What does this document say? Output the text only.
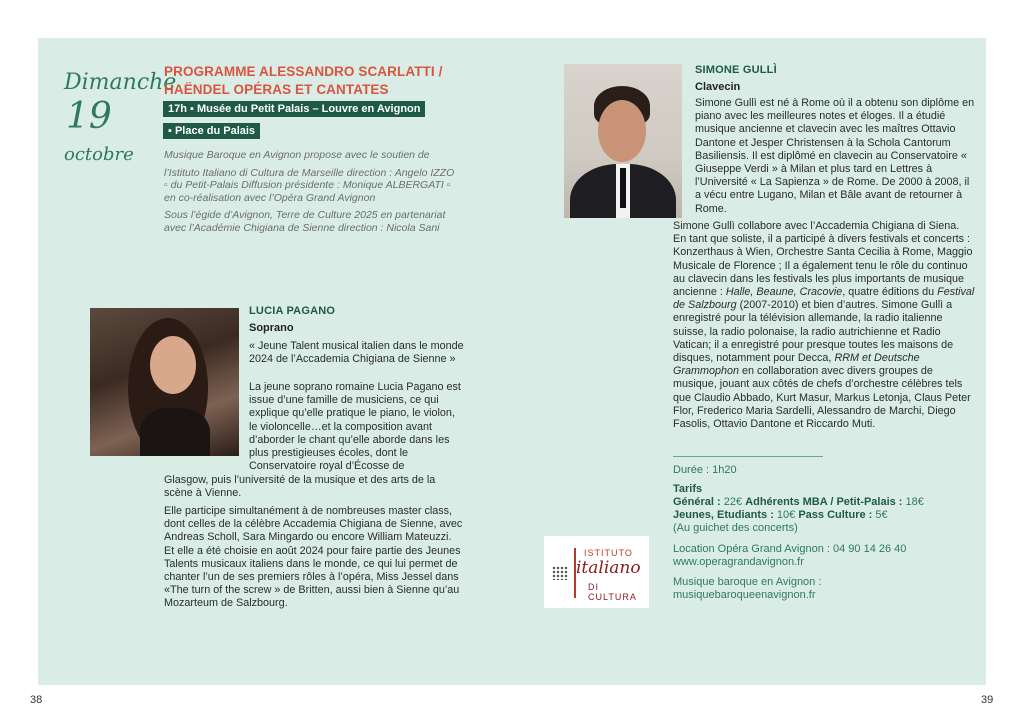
Dimanche
19
octobre
PROGRAMME ALESSANDRO SCARLATTI /
HAËNDEL OPÉRAS ET CANTATES
17h ▪ Musée du Petit Palais – Louvre en Avignon
▪ Place du Palais

Musique Baroque en Avignon propose avec le soutien de

l’Istituto Italiano di Cultura de Marseille direction : Angelo IZZO ▫ du Petit-Palais Diffusion présidente : Monique ALBERGATI ▫ en co-réalisation avec l’Opéra Grand Avignon

Sous l’égide d’Avignon, Terre de Culture 2025 en partenariat avec l’Académie Chigiana de Sienne direction : Nicola Sani

LUCIA PAGANO
Soprano
« Jeune Talent musical italien dans le monde 2024 de l’Accademia Chigiana de Sienne »
La jeune soprano romaine Lucia Pagano est issue d’une famille de musiciens, ce qui explique qu’elle pratique le piano, le violon, le violoncelle…et la composition avant d’aborder le chant qu’elle aborde dans les plus prestigieuses écoles, dont le Conservatoire royal d’Écosse de
Glasgow, puis l’université de la musique et des arts de la scène à Vienne.
Elle participe simultanément à de nombreuses master class, dont celles de la célèbre Accademia Chigiana de Sienne, avec Andreas Scholl, Sara Mingardo ou encore William Mateuzzi. Et elle a été choisie en août 2024 pour faire partie des Jeunes Talents musicaux italiens dans le monde, ce qui lui permet de chanter l’un de ses premiers rôles à l’opéra, Miss Jessel dans «The turn of the screw » de Britten, aussi bien à Sienne qu’au Mozarteum de Salzbourg.
SIMONE GULLÌ
Clavecin
Simone Gullì est né à Rome où il a obtenu son diplôme en piano avec les meilleures notes et éloges. Il a étudié musique ancienne et clavecin avec les maîtres Ottavio Dantone et Jesper Christensen à la Schola Cantorum Basiliensis. Il est diplômé en clavecin au Conservatoire « Giuseppe Verdi » à Milan et plus tard en Lettres à l’Université « La Sapienza » de Rome. De 2000 à 2008, il a vécu entre Lugano, Milan et Bâle avant de retourner à Rome.
Simone Gullì collabore avec l’Accademia Chigiana di Siena. En tant que soliste, il a participé à divers festivals et concerts : Konzerthaus à Wien, Orchestre Santa Cecilia à Rome, Maggio Musicale de Florence ; Il a également tenu le rôle du continuo au clavecin dans les festivals les plus importants de musique ancienne : Halle, Beaune, Cracovie, quatre éditions du Festival de Salzbourg (2007-2010) et bien d’autres. Simone Gullì a enregistré pour la télévision allemande, la radio italienne suisse, la radio polonaise, la radio autrichienne et Radio Vatican; il a enregistré pour presque toutes les maisons de disques, notamment pour Decca, RRM et Deutsche Grammophon en collaboration avec divers groupes de musique, jouant aux côtés de chefs d’orchestre célèbres tels que Claudio Abbado, Kurt Masur, Markus Letonja, Claus Peter Flor, Frederico Maria Sardelli, Alessandro de Marchi, Diego Fasolis, Ottavio Dantone et Riccardo Muti.
Durée : 1h20
Tarifs
Général : 22€ Adhérents MBA / Petit-Palais : 18€
Jeunes, Etudiants : 10€ Pass Culture : 5€
(Au guichet des concerts)
Location Opéra Grand Avignon : 04 90 14 26 40
www.operagrandavignon.fr
Musique baroque en Avignon :
musiquebaroqueenavignon.fr
ISTITUTO
italiano
DI CULTURA
38	39
